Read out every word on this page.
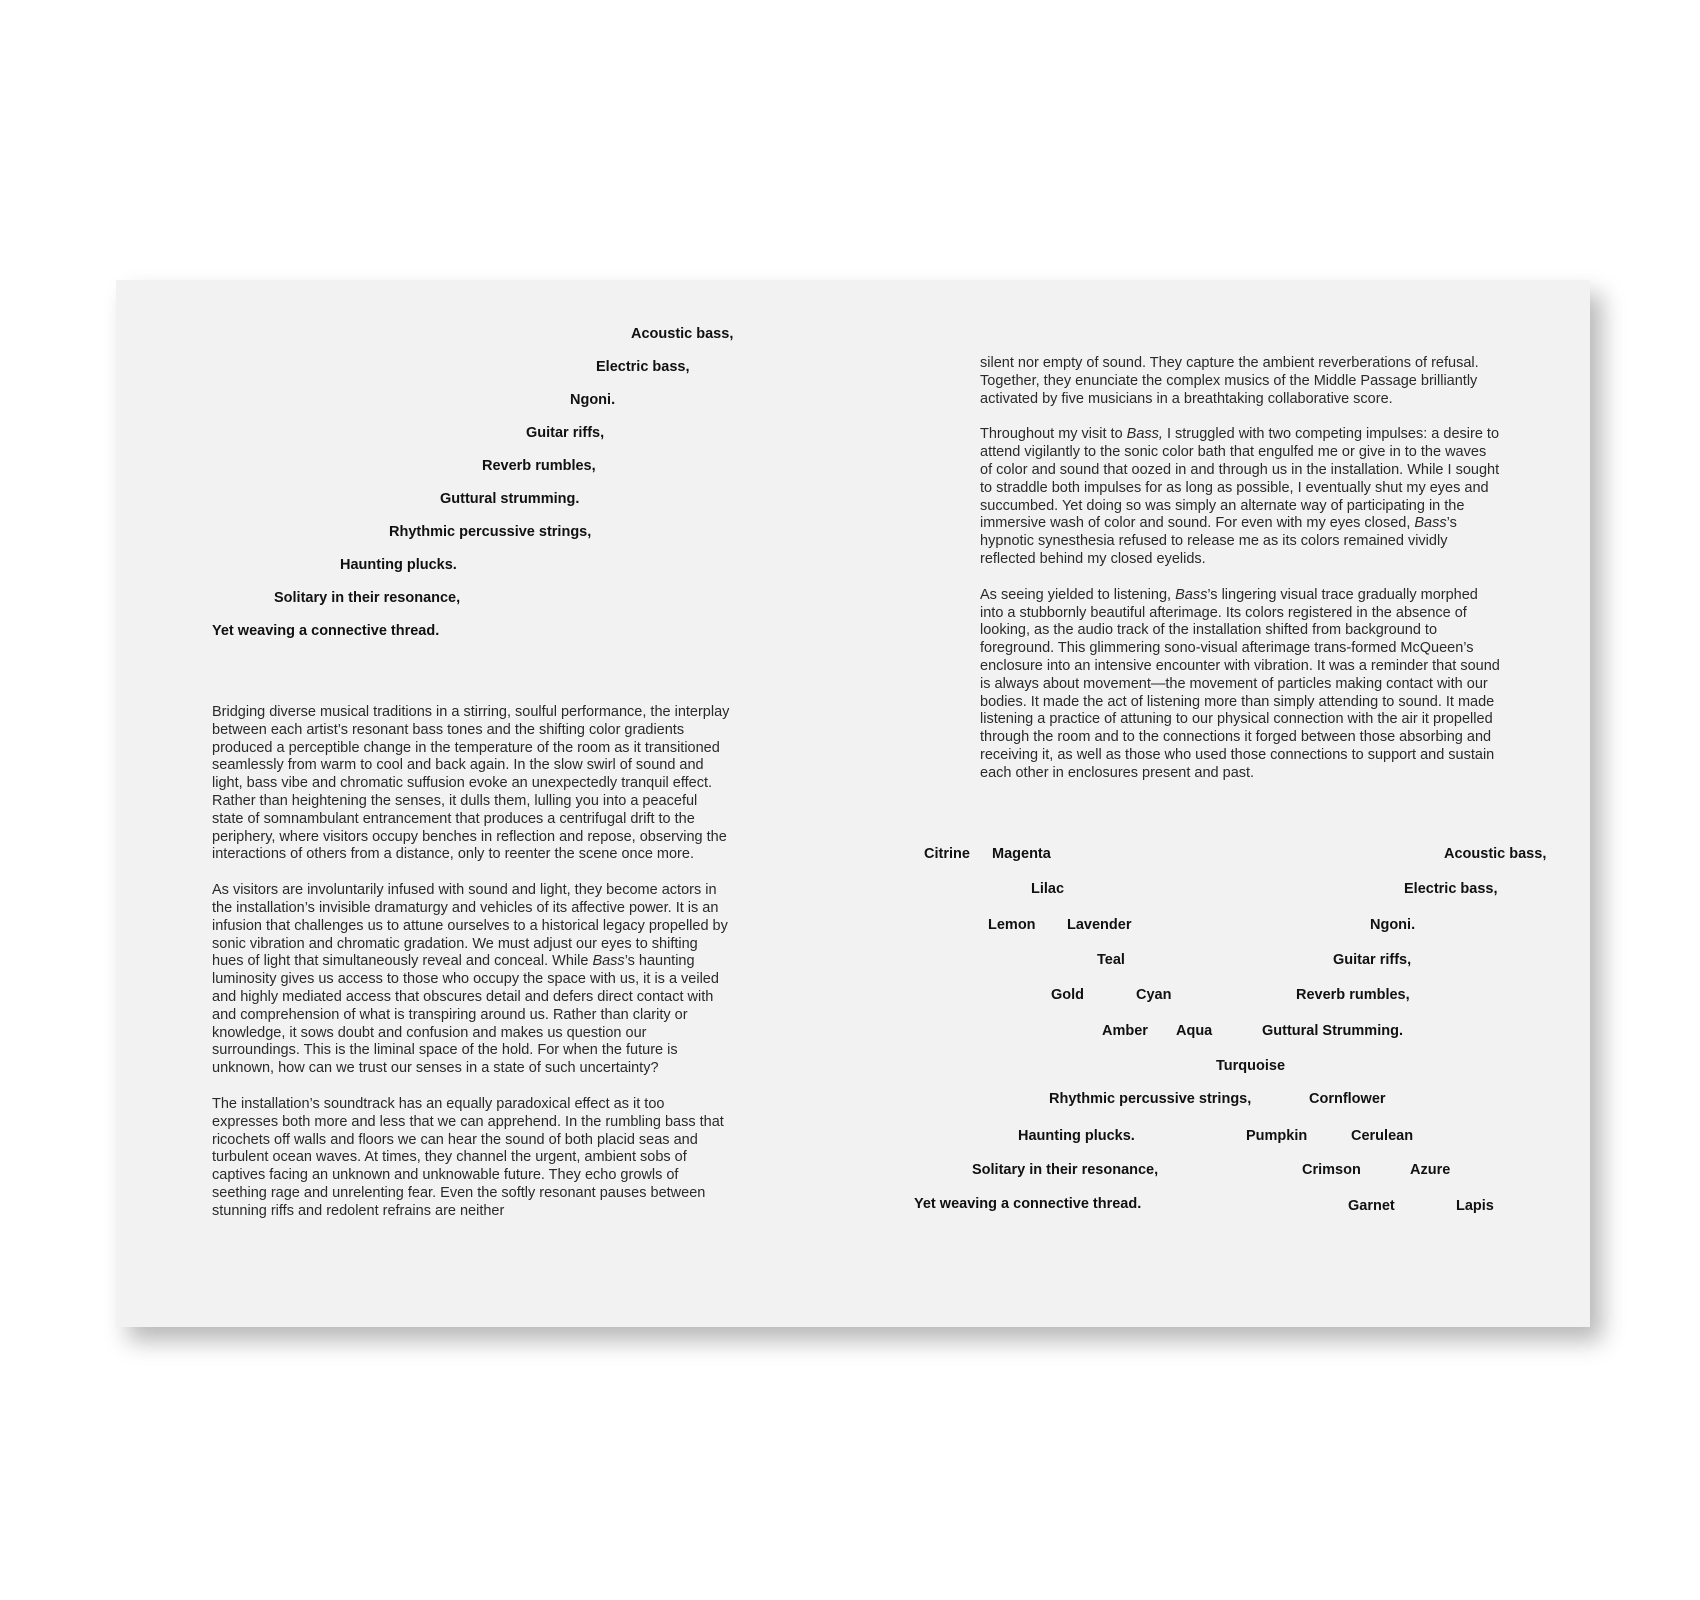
Acoustic bass,
Electric bass,
Ngoni.
Guitar riffs,
Reverb rumbles,
Guttural strumming.
Rhythmic percussive strings,
Haunting plucks.
Solitary in their resonance,
Yet weaving a connective thread.

Bridging diverse musical traditions in a stirring, soulful performance, the interplay between each artist’s resonant bass tones and the shifting color gradients produced a perceptible change in the temperature of the room as it transitioned seamlessly from warm to cool and back again. In the slow swirl of sound and light, bass vibe and chromatic suffusion evoke an unexpectedly tranquil effect. Rather than heightening the senses, it dulls them, lulling you into a peaceful state of somnambulant entrancement that produces a centrifugal drift to the periphery, where visitors occupy benches in reflection and repose, observing the interactions of others from a distance, only to reenter the scene once more.

As visitors are involuntarily infused with sound and light, they become actors in the installation’s invisible dramaturgy and vehicles of its affective power. It is an infusion that challenges us to attune ourselves to a historical legacy propelled by sonic vibration and chromatic gradation. We must adjust our eyes to shifting hues of light that simultaneously reveal and conceal. While Bass’s haunting luminosity gives us access to those who occupy the space with us, it is a veiled and highly mediated access that obscures detail and defers direct contact with and comprehension of what is transpiring around us. Rather than clarity or knowledge, it sows doubt and confusion and makes us question our surroundings. This is the liminal space of the hold. For when the future is unknown, how can we trust our senses in a state of such uncertainty?

The installation’s soundtrack has an equally paradoxical effect as it too expresses both more and less that we can apprehend. In the rumbling bass that ricochets off walls and floors we can hear the sound of both placid seas and turbulent ocean waves. At times, they channel the urgent, ambient sobs of captives facing an unknown and unknowable future. They echo growls of seething rage and unrelenting fear. Even the softly resonant pauses between stunning riffs and redolent refrains are neither

silent nor empty of sound. They capture the ambient reverberations of refusal. Together, they enunciate the complex musics of the Middle Passage brilliantly activated by five musicians in a breathtaking collaborative score.

Throughout my visit to Bass, I struggled with two competing impulses: a desire to attend vigilantly to the sonic color bath that engulfed me or give in to the waves of color and sound that oozed in and through us in the installation. While I sought to straddle both impulses for as long as possible, I eventually shut my eyes and succumbed. Yet doing so was simply an alternate way of participating in the immersive wash of color and sound. For even with my eyes closed, Bass’s hypnotic synesthesia refused to release me as its colors remained vividly reflected behind my closed eyelids.

As seeing yielded to listening, Bass’s lingering visual trace gradually morphed into a stubbornly beautiful afterimage. Its colors registered in the absence of looking, as the audio track of the installation shifted from background to foreground. This glimmering sono-visual afterimage trans-formed McQueen’s enclosure into an intensive encounter with vibration. It was a reminder that sound is always about movement—the movement of particles making contact with our bodies. It made the act of listening more than simply attending to sound. It made listening a practice of attuning to our physical connection with the air it propelled through the room and to the connections it forged between those absorbing and receiving it, as well as those who used those connections to support and sustain each other in enclosures present and past.

Citrine Magenta
Lilac
Lemon Lavender
Teal
Gold	Cyan
Amber Aqua
Turquoise
Cornflower
Pumpkin	Cerulean
Crimson	Azure
Garnet	Lapis
Acoustic bass,
Electric bass,
Ngoni.
Guitar riffs,
Reverb rumbles,
Guttural Strumming.
Rhythmic percussive strings,
Haunting plucks.
Solitary in their resonance,
Yet weaving a connective thread.
